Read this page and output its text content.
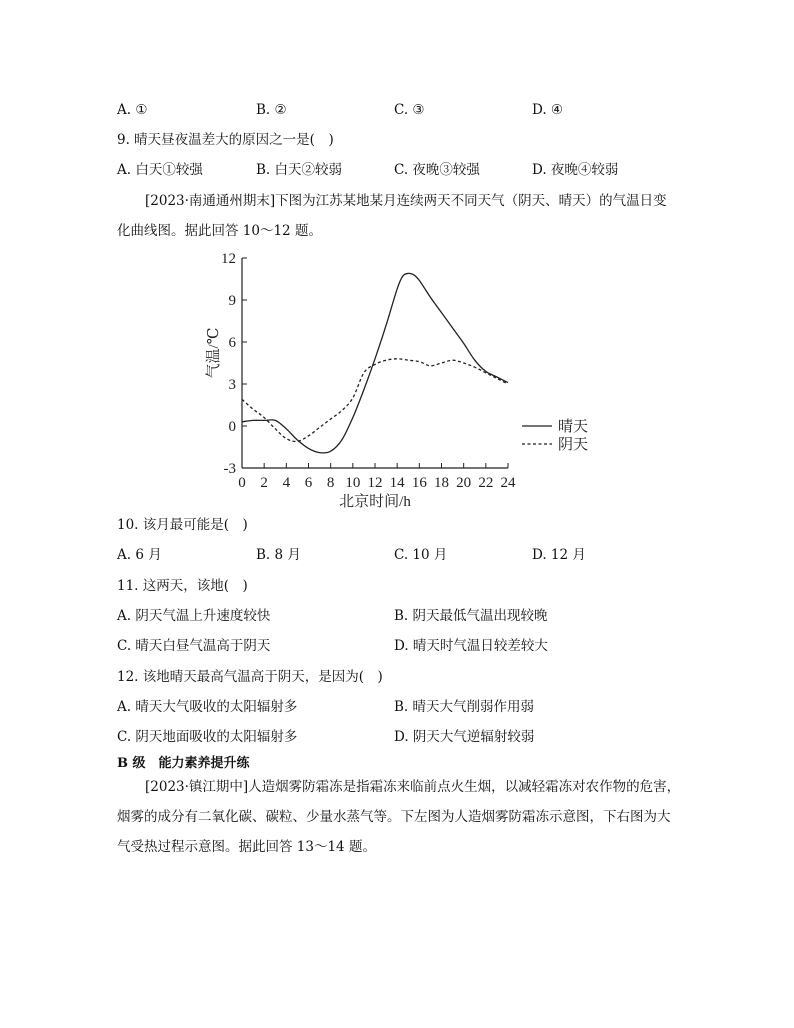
A. ①	B. ②	C. ③	D. ④
9. 晴天昼夜温差大的原因之一是(　)
A. 白天①较强	B. 白天②较弱	C. 夜晚③较强	D. 夜晚④较弱
[2023·南通通州期末]下图为江苏某地某月连续两天不同天气（阴天、晴天）的气温日变
化曲线图。据此回答 10～12 题。
0 2 4 6 8 10 12 14 16 18 20 22 24
-3
0
3
6
9
12
北京时间/h
气温/℃
晴天
阴天
10. 该月最可能是(　)
A. 6 月	B. 8 月	C. 10 月	D. 12 月
11. 这两天，该地(　)
A. 阴天气温上升速度较快	B. 阴天最低气温出现较晚
C. 晴天白昼气温高于阴天	D. 晴天时气温日较差较大
12. 该地晴天最高气温高于阴天，是因为(　)
A. 晴天大气吸收的太阳辐射多	B. 晴天大气削弱作用弱
C. 阴天地面吸收的太阳辐射多	D. 阴天大气逆辐射较弱
B 级　能力素养提升练
[2023·镇江期中]人造烟雾防霜冻是指霜冻来临前点火生烟，以减轻霜冻对农作物的危害，
烟雾的成分有二氧化碳、碳粒、少量水蒸气等。下左图为人造烟雾防霜冻示意图，下右图为大
气受热过程示意图。据此回答 13～14 题。
